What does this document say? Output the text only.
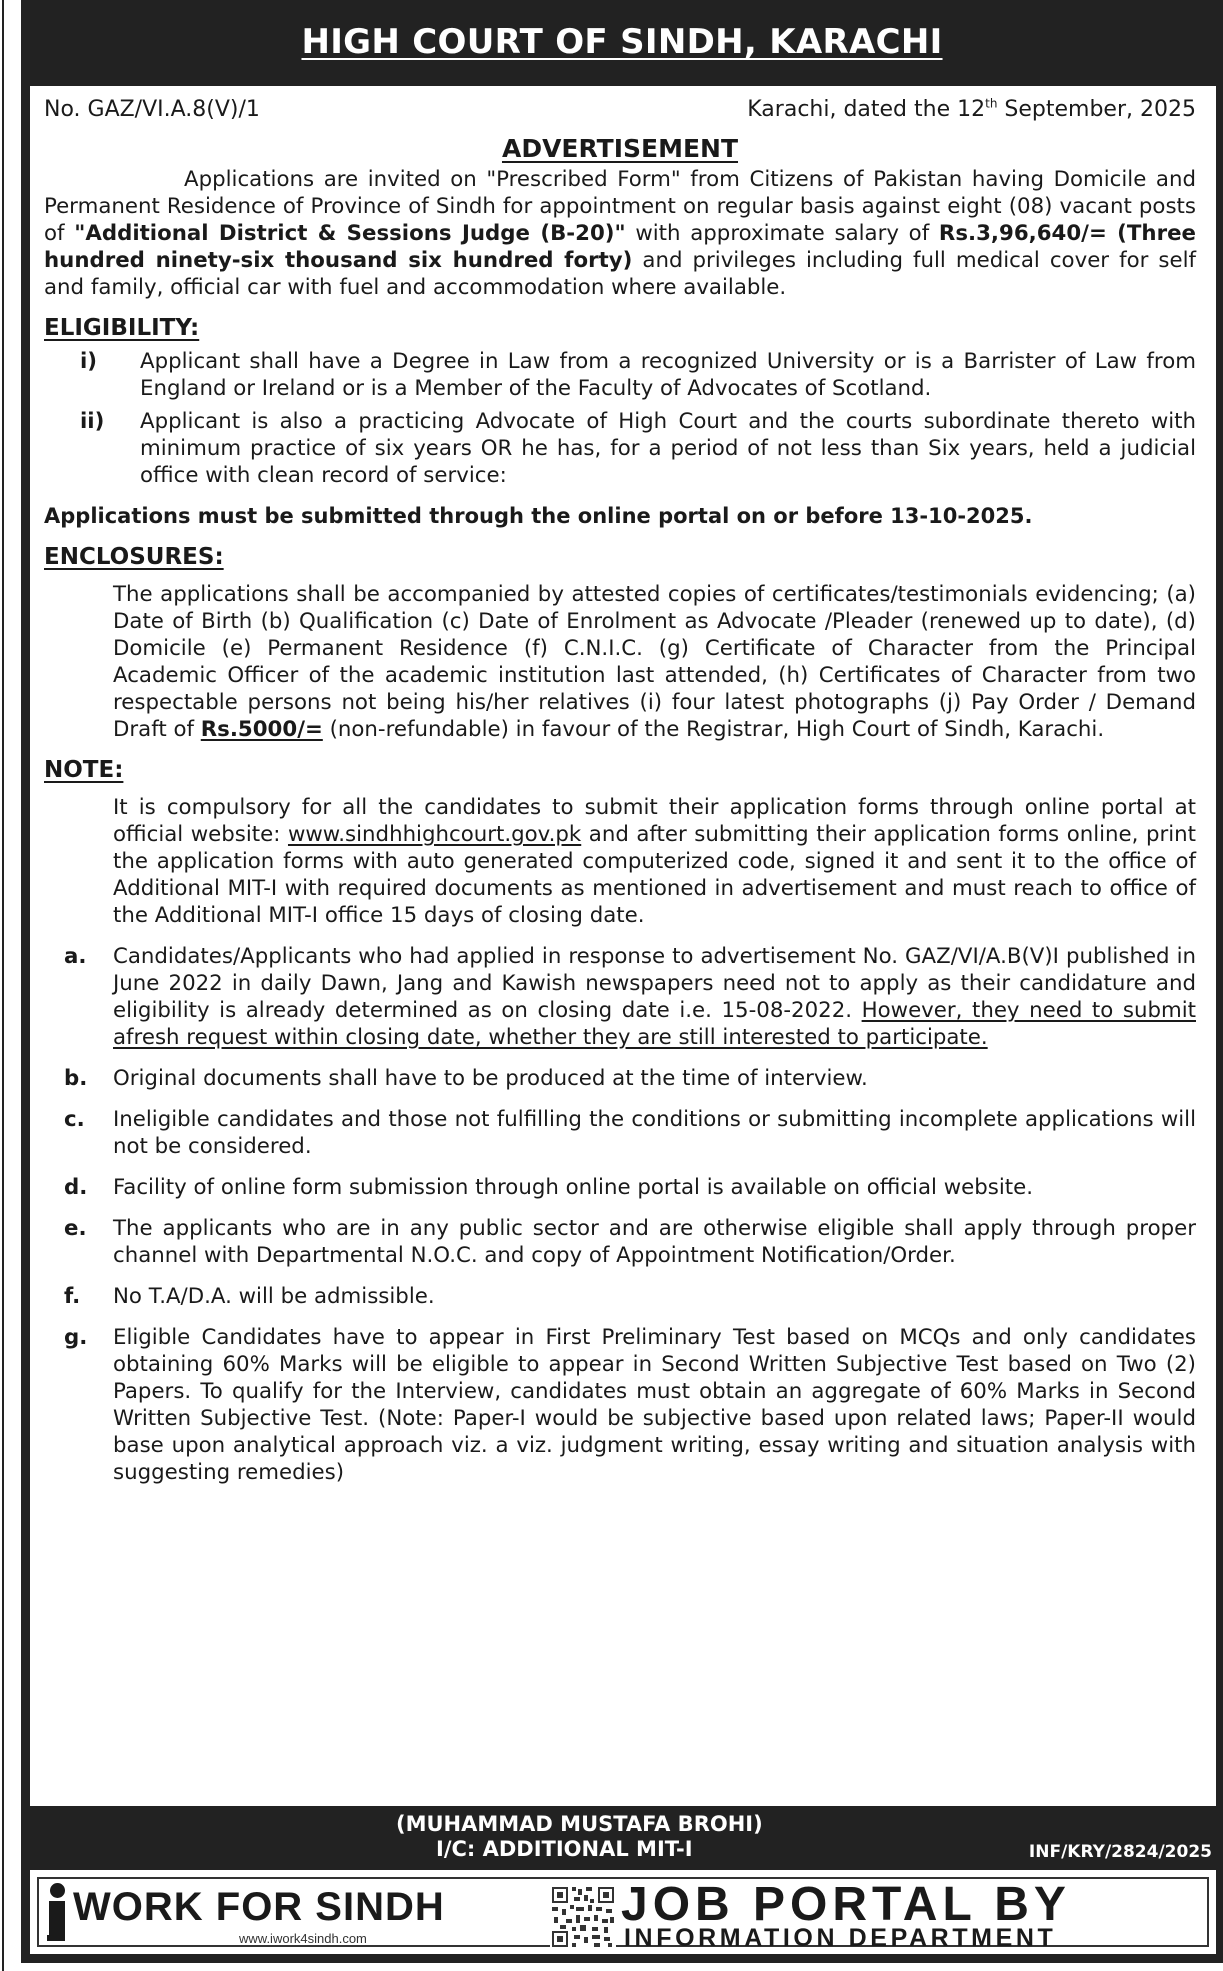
HIGH COURT OF SINDH, KARACHI
No. GAZ/VI.A.8(V)/1	Karachi, dated the 12th September, 2025
ADVERTISEMENT

Applications are invited on "Prescribed Form" from Citizens of Pakistan having Domicile and Permanent Residence of Province of Sindh for appointment on regular basis against eight (08) vacant posts of "Additional District & Sessions Judge (B-20)" with approximate salary of Rs.3,96,640/= (Three hundred ninety-six thousand six hundred forty) and privileges including full medical cover for self and family, official car with fuel and accommodation where available.

ELIGIBILITY:
i)	Applicant shall have a Degree in Law from a recognized University or is a Barrister of Law from England or Ireland or is a Member of the Faculty of Advocates of Scotland.
ii)	Applicant is also a practicing Advocate of High Court and the courts subordinate thereto with minimum practice of six years OR he has, for a period of not less than Six years, held a judicial office with clean record of service:
Applications must be submitted through the online portal on or before 13-10-2025.
ENCLOSURES:

The applications shall be accompanied by attested copies of certificates/testimonials evidencing; (a) Date of Birth (b) Qualification (c) Date of Enrolment as Advocate /Pleader (renewed up to date), (d) Domicile (e) Permanent Residence (f) C.N.I.C. (g) Certificate of Character from the Principal Academic Officer of the academic institution last attended, (h) Certificates of Character from two respectable persons not being his/her relatives (i) four latest photographs (j) Pay Order / Demand Draft of Rs.5000/= (non-refundable) in favour of the Registrar, High Court of Sindh, Karachi.

NOTE:

It is compulsory for all the candidates to submit their application forms through online portal at official website: www.sindhhighcourt.gov.pk and after submitting their application forms online, print the application forms with auto generated computerized code, signed it and sent it to the office of Additional MIT-I with required documents as mentioned in advertisement and must reach to office of the Additional MIT-I office 15 days of closing date.

a.	Candidates/Applicants who had applied in response to advertisement No. GAZ/VI/A.B(V)I published in June 2022 in daily Dawn, Jang and Kawish newspapers need not to apply as their candidature and eligibility is already determined as on closing date i.e. 15-08-2022. However, they need to submit afresh request within closing date, whether they are still interested to participate.
b.	Original documents shall have to be produced at the time of interview.
c.	Ineligible candidates and those not fulfilling the conditions or submitting incomplete applications will not be considered.
d.	Facility of online form submission through online portal is available on official website.
e.	The applicants who are in any public sector and are otherwise eligible shall apply through proper channel with Departmental N.O.C. and copy of Appointment Notification/Order.
f.	No T.A/D.A. will be admissible.
g.	Eligible Candidates have to appear in First Preliminary Test based on MCQs and only candidates obtaining 60% Marks will be eligible to appear in Second Written Subjective Test based on Two (2) Papers. To qualify for the Interview, candidates must obtain an aggregate of 60% Marks in Second Written Subjective Test. (Note: Paper-I would be subjective based upon related laws; Paper-II would base upon analytical approach viz. a viz. judgment writing, essay writing and situation analysis with suggesting remedies)
(MUHAMMAD MUSTAFA BROHI)
I/C: ADDITIONAL MIT-I	INF/KRY/2824/2025
WORK FOR SINDH
www.iwork4sindh.com
JOB PORTAL BY
INFORMATION DEPARTMENT
